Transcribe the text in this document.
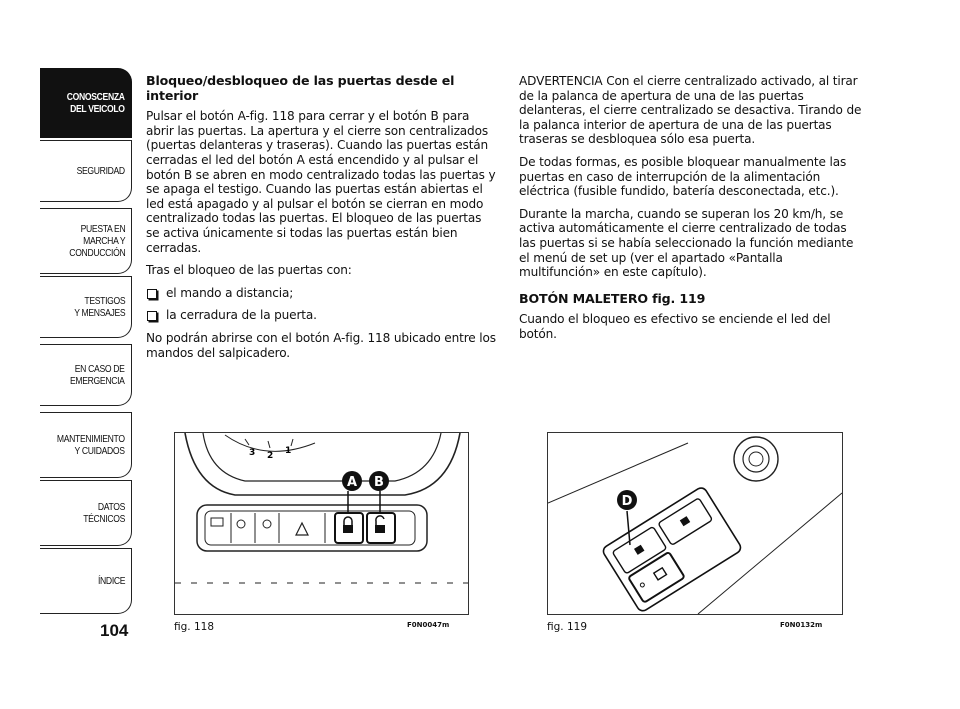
CONOSCENZA
DEL VEICOLO
SEGURIDAD
PUESTA EN
MARCHA Y
CONDUCCIÓN
TESTIGOS
Y MENSAJES
EN CASO DE
EMERGENCIA
MANTENIMIENTO
Y CUIDADOS
DATOS
TÉCNICOS
ÍNDICE
104
Bloqueo/desbloqueo de las puertas desde el interior

Pulsar el botón A-fig. 118 para cerrar y el botón B para abrir las puertas. La apertura y el cierre son centralizados (puertas delanteras y traseras). Cuando las puertas están cerradas el led del botón A está encendido y al pulsar el botón B se abren en modo centralizado todas las puertas y se apaga el testigo. Cuando las puertas están abiertas el led está apagado y al pulsar el botón se cierran en modo centralizado todas las puertas. El bloqueo de las puertas se activa únicamente si todas las puertas están bien cerradas.

Tras el bloqueo de las puertas con:

el mando a distancia;
la cerradura de la puerta.

No podrán abrirse con el botón A-fig. 118 ubicado entre los mandos del salpicadero.

ADVERTENCIA Con el cierre centralizado activado, al tirar de la palanca de apertura de una de las puertas delanteras, el cierre centralizado se desactiva. Tirando de la palanca interior de apertura de una de las puertas traseras se desbloquea sólo esa puerta.

De todas formas, es posible bloquear manualmente las puertas en caso de interrupción de la alimentación eléctrica (fusible fundido, batería desconectada, etc.).

Durante la marcha, cuando se superan los 20 km/h, se activa automáticamente el cierre centralizado de todas las puertas si se había seleccionado la función mediante el menú de set up (ver el apartado «Pantalla multifunción» en este capítulo).

BOTÓN MALETERO fig. 119

Cuando el bloqueo es efectivo se enciende el led del botón.

3 2 1
A B
fig. 118	F0N0047m
D
fig. 119	F0N0132m
